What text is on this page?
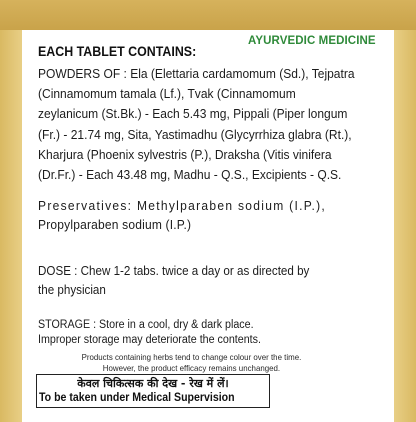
AYURVEDIC MEDICINE
EACH TABLET CONTAINS:
POWDERS OF : Ela (Elettaria cardamomum (Sd.), Tejpatra
(Cinnamomum tamala (Lf.), Tvak (Cinnamomum
zeylanicum (St.Bk.) - Each 5.43 mg, Pippali (Piper longum
(Fr.) - 21.74 mg, Sita, Yastimadhu (Glycyrrhiza glabra (Rt.),
Kharjura (Phoenix sylvestris (P.), Draksha (Vitis vinifera
(Dr.Fr.) - Each 43.48 mg, Madhu - Q.S., Excipients - Q.S.
Preservatives: Methylparaben sodium (I.P.),
Propylparaben sodium (I.P.)
DOSE : Chew 1-2 tabs. twice a day or as directed by
the physician
STORAGE : Store in a cool, dry & dark place.
Improper storage may deteriorate the contents.
Products containing herbs tend to change colour over the time.
However, the product efficacy remains unchanged.
केवल चिकित्सक की देख - रेख में लें।
To be taken under Medical Supervision
